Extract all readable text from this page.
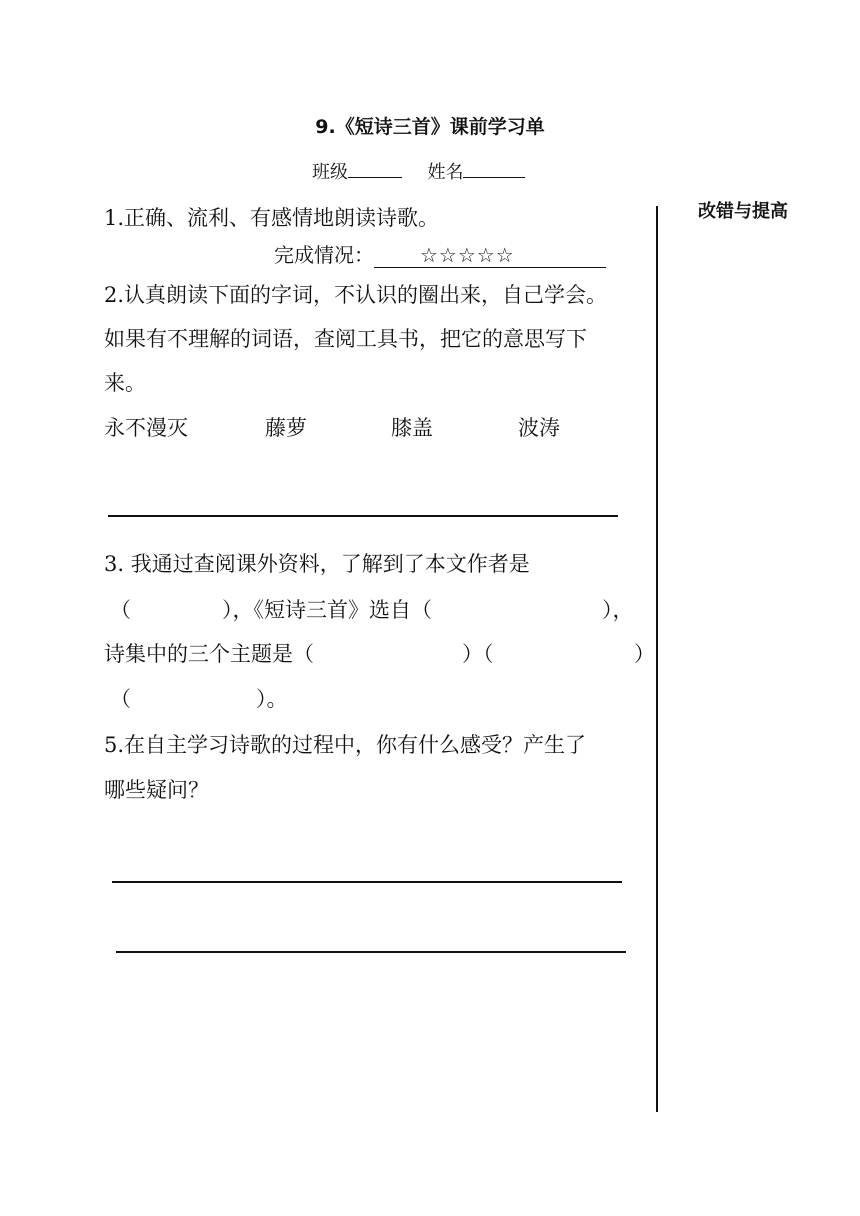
9.《短诗三首》课前学习单
班级	姓名
改错与提高
1.正确、流利、有感情地朗读诗歌。
完成情况： ☆☆☆☆☆
2.认真朗读下面的字词，不认识的圈出来，自己学会。
如果有不理解的词语，查阅工具书，把它的意思写下
来。
永不漫灭	藤萝	膝盖	波涛
3. 我通过查阅课外资料，了解到了本文作者是
（	），《短诗三首》选自（	），
诗集中的三个主题是（	）（	）
（	）。
5.在自主学习诗歌的过程中，你有什么感受？产生了
哪些疑问？
